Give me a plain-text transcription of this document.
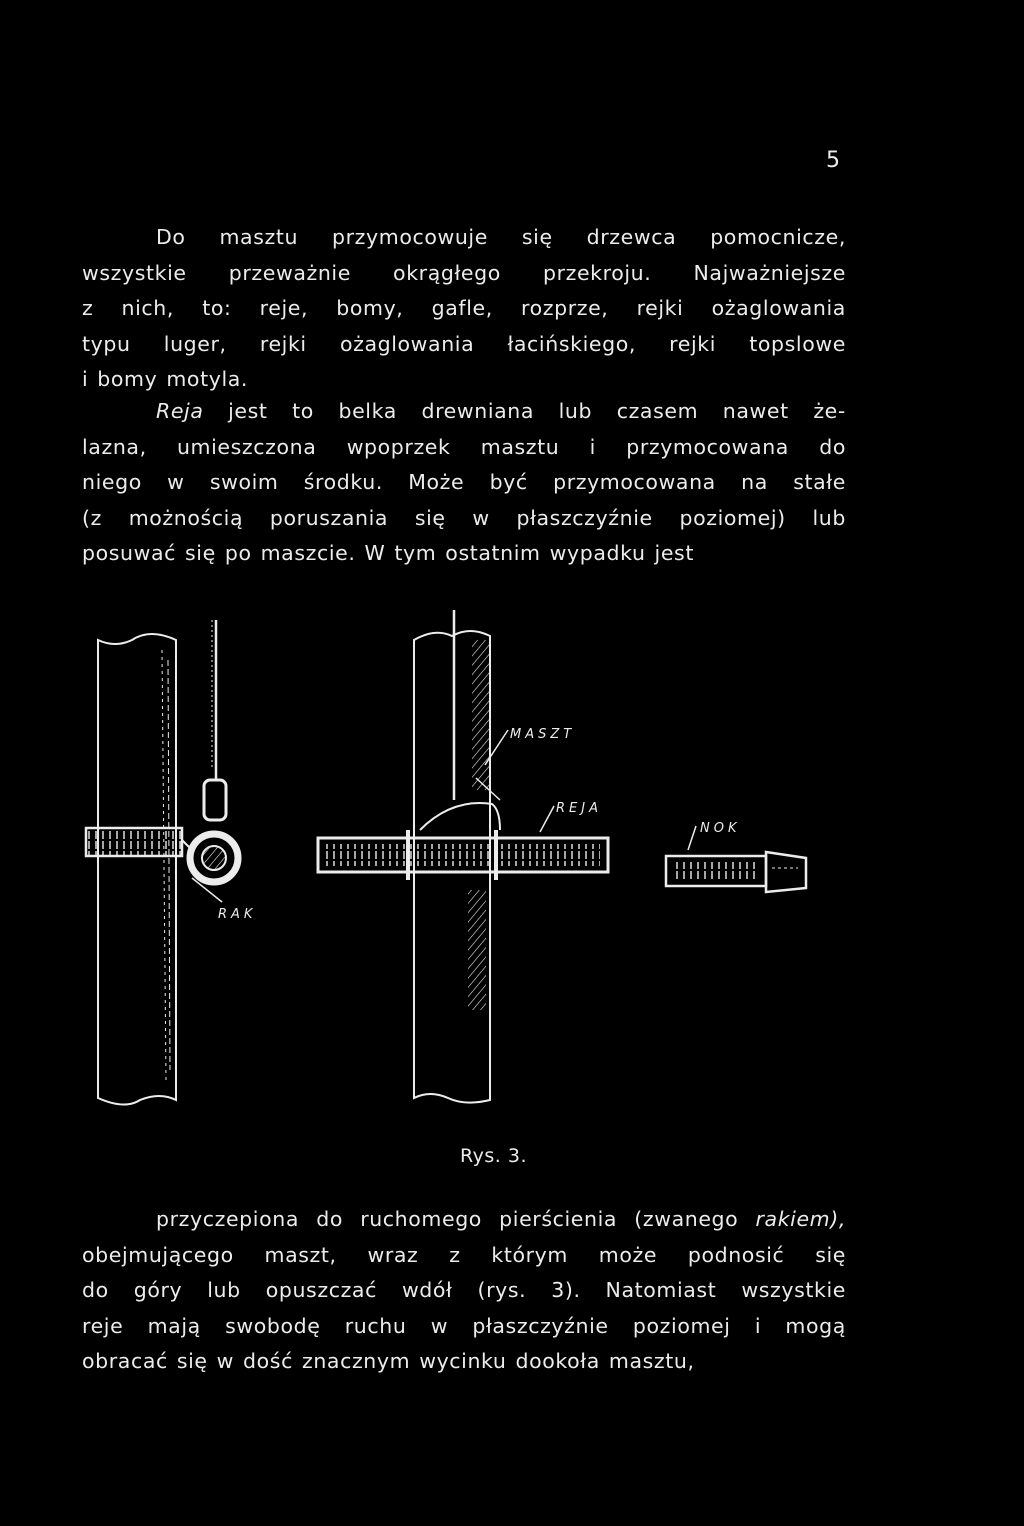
5
Do masztu przymocowuje się drzewca pomocnicze,
wszystkie przeważnie okrągłego przekroju. Najważniejsze
z nich, to: reje, bomy, gafle, rozprze, rejki ożaglowania
typu luger, rejki ożaglowania łacińskiego, rejki topslowe
i bomy motyla.
Reja jest to belka drewniana lub czasem nawet że-
lazna, umieszczona wpoprzek masztu i przymocowana do
niego w swoim środku. Może być przymocowana na stałe
(z możnością poruszania się w płaszczyźnie poziomej) lub
posuwać się po maszcie. W tym ostatnim wypadku jest
RAK
MASZT
REJA
NOK
Rys. 3.
przyczepiona do ruchomego pierścienia (zwanego rakiem),
obejmującego maszt, wraz z którym może podnosić się
do góry lub opuszczać wdół (rys. 3). Natomiast wszystkie
reje mają swobodę ruchu w płaszczyźnie poziomej i mogą
obracać się w dość znacznym wycinku dookoła masztu,
